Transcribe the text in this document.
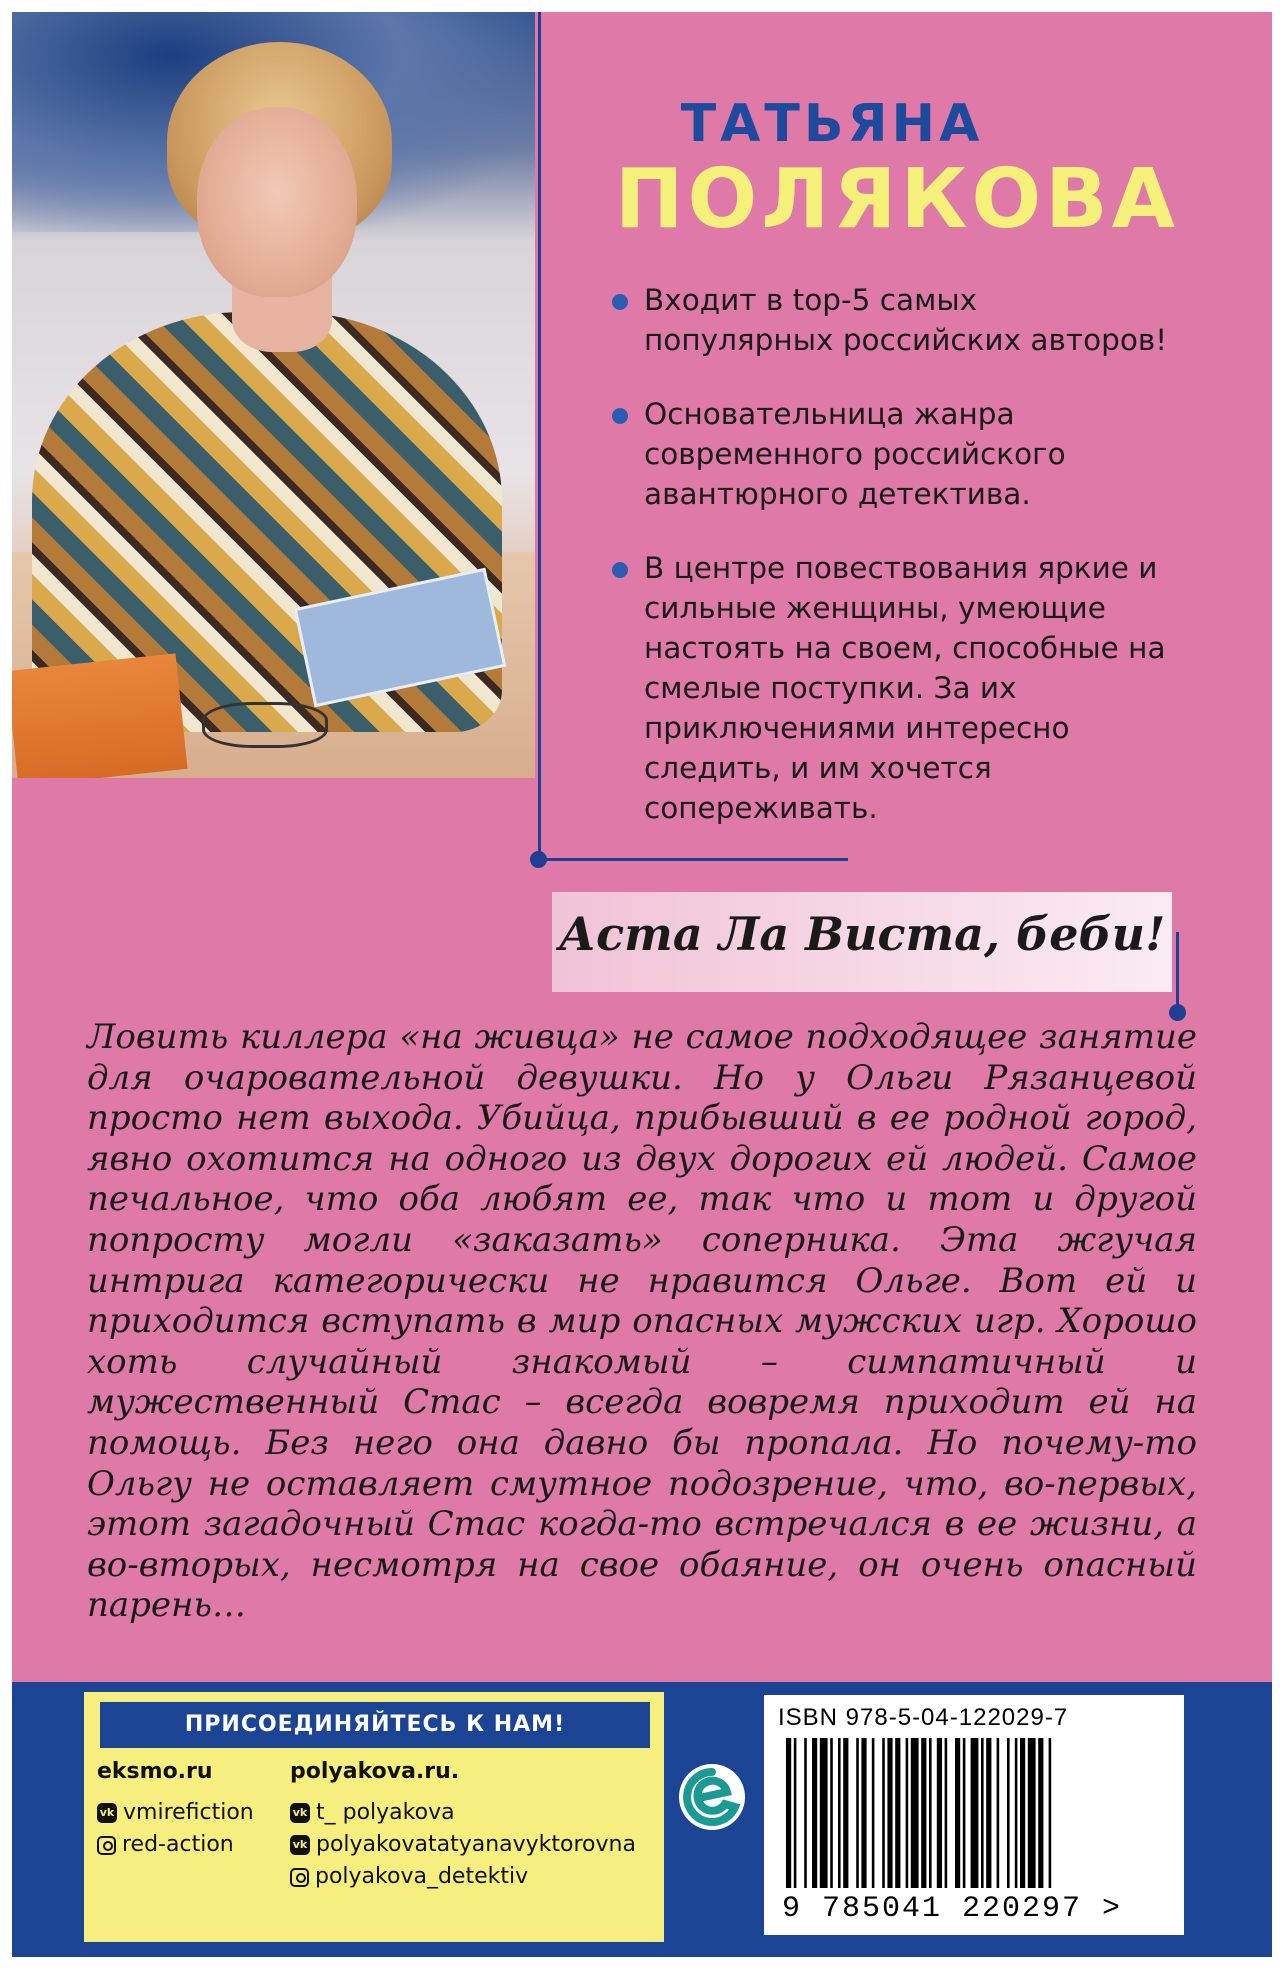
ТАТЬЯНА
ПОЛЯКОВА
Входит в top-5 самых популярных российских авторов!
Основательница жанра современного российского авантюрного детектива.
В центре повествования яркие и сильные женщины, умеющие настоять на своем, способные на смелые поступки. За их приключениями интересно следить, и им хочется сопереживать.
Аста Ла Виста, беби!
Ловить киллера «на живца» не самое подходящее занятие для очаровательной девушки. Но у Ольги Рязанцевой просто нет выхода. Убийца, прибывший в ее родной город, явно охотится на одного из двух дорогих ей людей. Самое печальное, что оба любят ее, так что и тот и другой попросту могли «заказать» соперника. Эта жгучая интрига категорически не нравится Ольге. Вот ей и приходится вступать в мир опасных мужских игр. Хорошо хоть случайный знакомый – симпатичный и мужественный Стас – всегда вовремя приходит ей на помощь. Без него она давно бы пропала. Но почему-то Ольгу не оставляет смутное подозрение, что, во-первых, этот загадочный Стас когда-то встречался в ее жизни, а во-вторых, несмотря на свое обаяние, он очень опасный парень…
ПРИСОЕДИНЯЙТЕСЬ К НАМ!
eksmo.ru
vk vmirefiction
red-action
polyakova.ru.
vk t_ polyakova
vk polyakovatatyanavyktorovna
polyakova_detektiv
ISBN 978-5-04-122029-7
9 785041 220297 >
